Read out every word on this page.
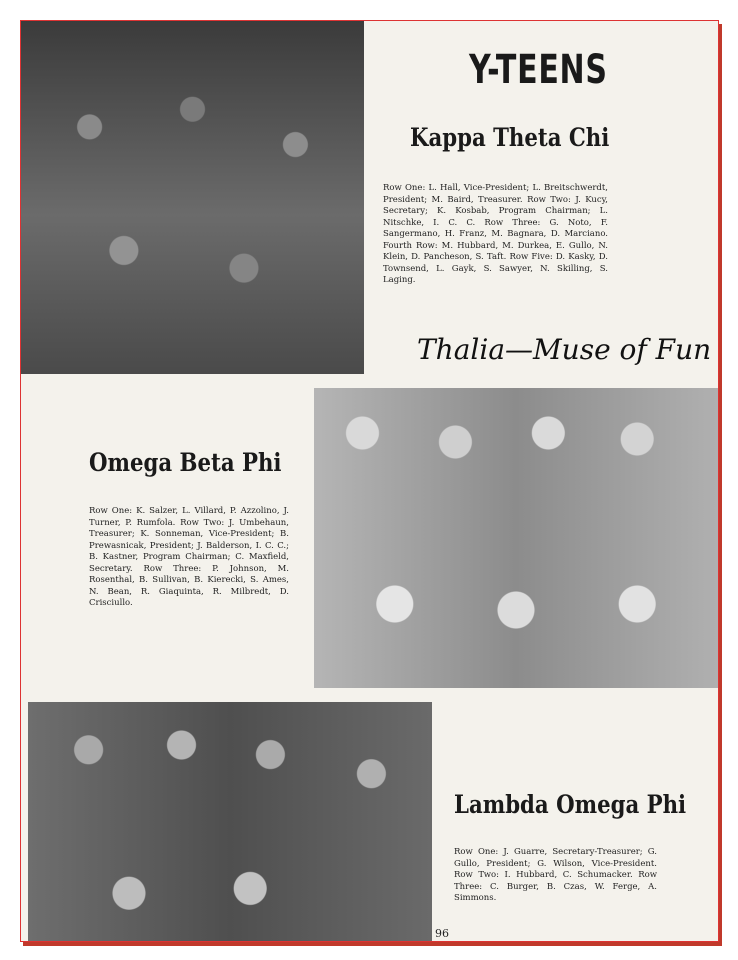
Y-TEENS
Kappa Theta Chi

Row One: L. Hall, Vice-President; L. Breitschwerdt, President; M. Baird, Treasurer. Row Two: J. Kucy, Secretary; K. Kosbab, Program Chairman; L. Nitschke, I. C. C. Row Three: G. Noto, F. Sangermano, H. Franz, M. Bagnara, D. Marciano. Fourth Row: M. Hubbard, M. Durkea, E. Gullo, N. Klein, D. Pancheson, S. Taft. Row Five: D. Kasky, D. Townsend, L. Gayk, S. Sawyer, N. Skilling, S. Laging.

Thalia—Muse of Fun
Omega Beta Phi

Row One: K. Salzer, L. Villard, P. Azzolino, J. Turner, P. Rumfola. Row Two: J. Umbehaun, Treasurer; K. Sonneman, Vice-President; B. Prewasnicak, President; J. Balderson, I. C. C.; B. Kastner, Program Chairman; C. Maxfield, Secretary. Row Three: P. Johnson, M. Rosenthal, B. Sullivan, B. Kierecki, S. Ames, N. Bean, R. Giaquinta, R. Milbredt, D. Crisciullo.

Lambda Omega Phi

Row One: J. Guarre, Secretary-Treasurer; G. Gullo, President; G. Wilson, Vice-President. Row Two: I. Hubbard, C. Schumacker. Row Three: C. Burger, B. Czas, W. Ferge, A. Simmons.

96
